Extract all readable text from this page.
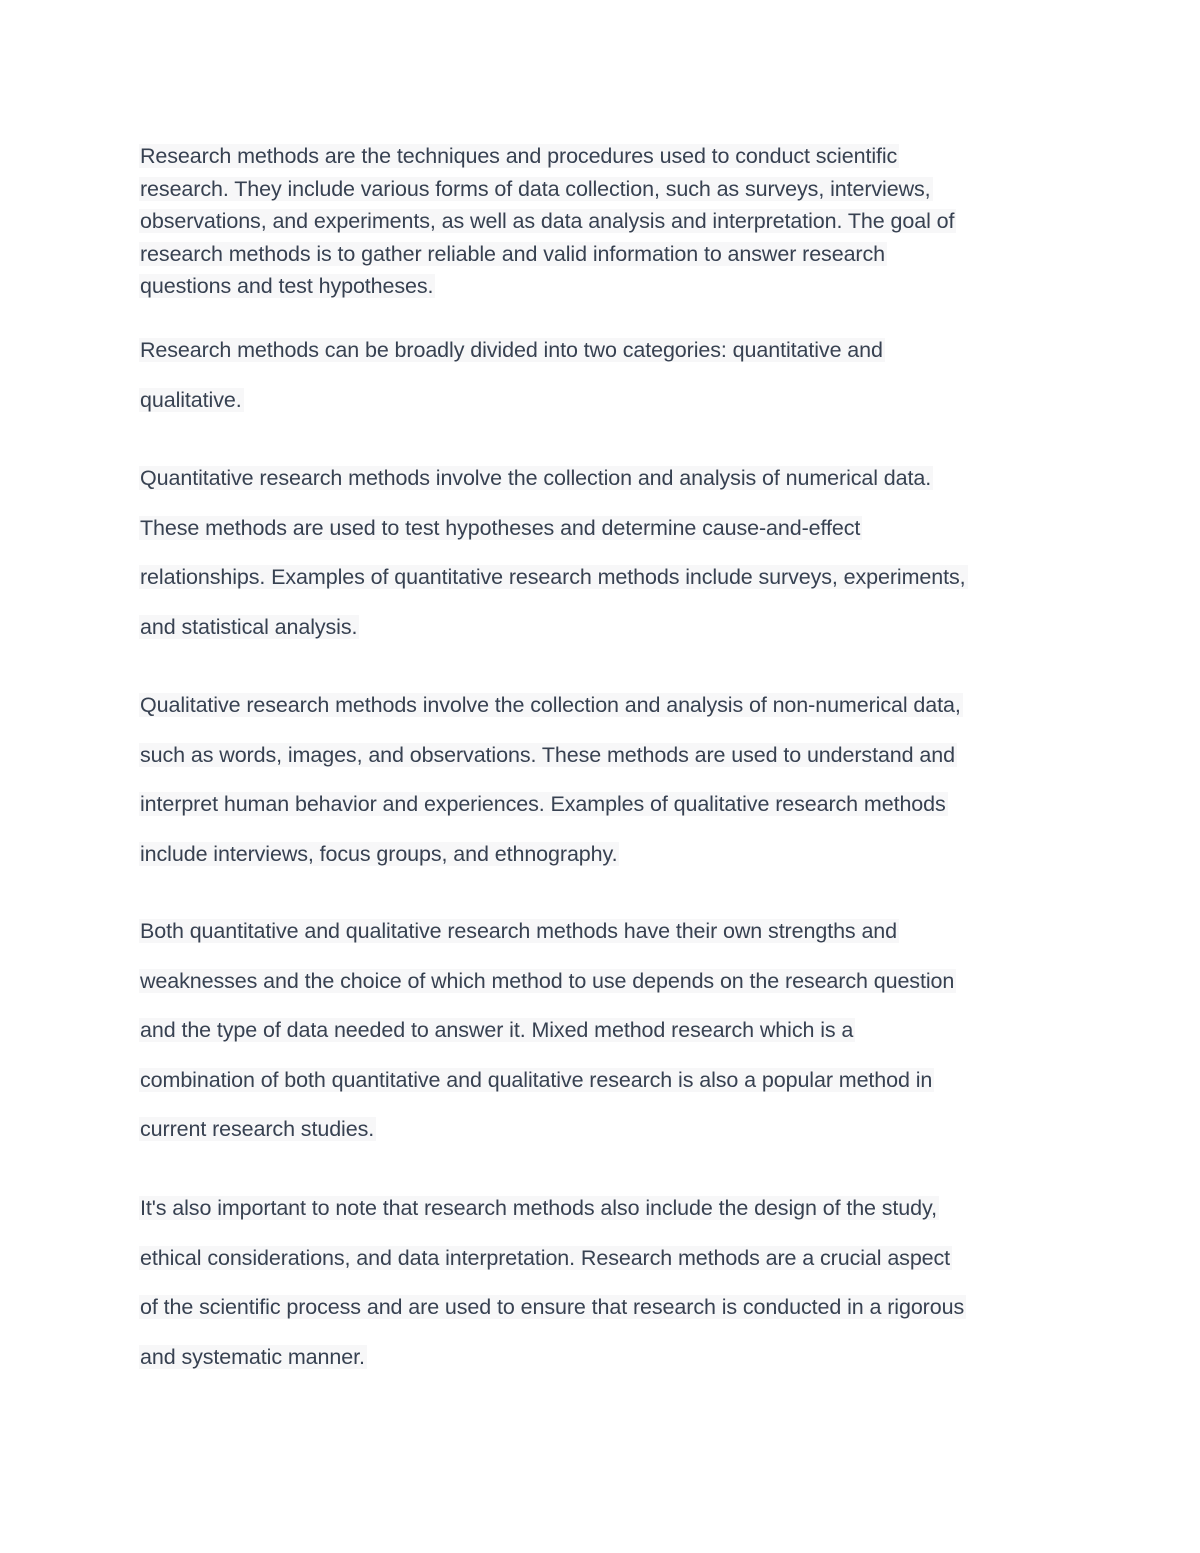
Research methods are the techniques and procedures used to conduct scientific
research. They include various forms of data collection, such as surveys, interviews,
observations, and experiments, as well as data analysis and interpretation. The goal of
research methods is to gather reliable and valid information to answer research
questions and test hypotheses.

Research methods can be broadly divided into two categories: quantitative and
qualitative.

Quantitative research methods involve the collection and analysis of numerical data.
These methods are used to test hypotheses and determine cause-and-effect
relationships. Examples of quantitative research methods include surveys, experiments,
and statistical analysis.

Qualitative research methods involve the collection and analysis of non-numerical data,
such as words, images, and observations. These methods are used to understand and
interpret human behavior and experiences. Examples of qualitative research methods
include interviews, focus groups, and ethnography.

Both quantitative and qualitative research methods have their own strengths and
weaknesses and the choice of which method to use depends on the research question
and the type of data needed to answer it. Mixed method research which is a
combination of both quantitative and qualitative research is also a popular method in
current research studies.

It's also important to note that research methods also include the design of the study,
ethical considerations, and data interpretation. Research methods are a crucial aspect
of the scientific process and are used to ensure that research is conducted in a rigorous
and systematic manner.
